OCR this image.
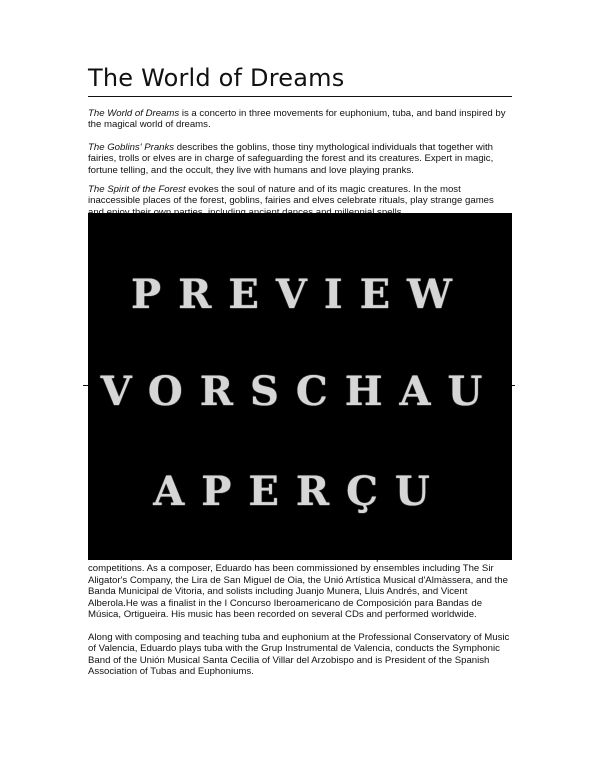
The World of Dreams

The World of Dreams is a concerto in three movements for euphonium, tuba, and band inspired by the magical world of dreams.

The Goblins' Pranks describes the goblins, those tiny mythological individuals that together with fairies, trolls or elves are in charge of safeguarding the forest and its creatures. Expert in magic, fortune telling, and the occult, they live with humans and love playing pranks.

The Spirit of the Forest evokes the soul of nature and of its magic creatures. In the most inaccessible places of the forest, goblins, fairies and elves celebrate rituals, play strange games

competitions. As a composer, Eduardo has been commissioned by ensembles including The Sir Aligator's Company, the Lira de San Miguel de Oia, the Unió Artística Musical d'Almàssera, and the Banda Municipal de Vitoria, and solists including Juanjo Munera, Lluis Andrés, and Vicent Alberola.He was a finalist in the I Concurso Iberoamericano de Composición para Bandas de Música, Ortigueira. His music has been recorded on several CDs and performed worldwide.

Along with composing and teaching tuba and euphonium at the Professional Conservatory of Music of Valencia, Eduardo plays tuba with the Grup Instrumental de Valencia, conducts the Symphonic Band of the Unión Musical Santa Cecilia of Villar del Arzobispo and is President of the Spanish Association of Tubas and Euphoniums.

PREVIEW

VORSCHAU

APERÇU
